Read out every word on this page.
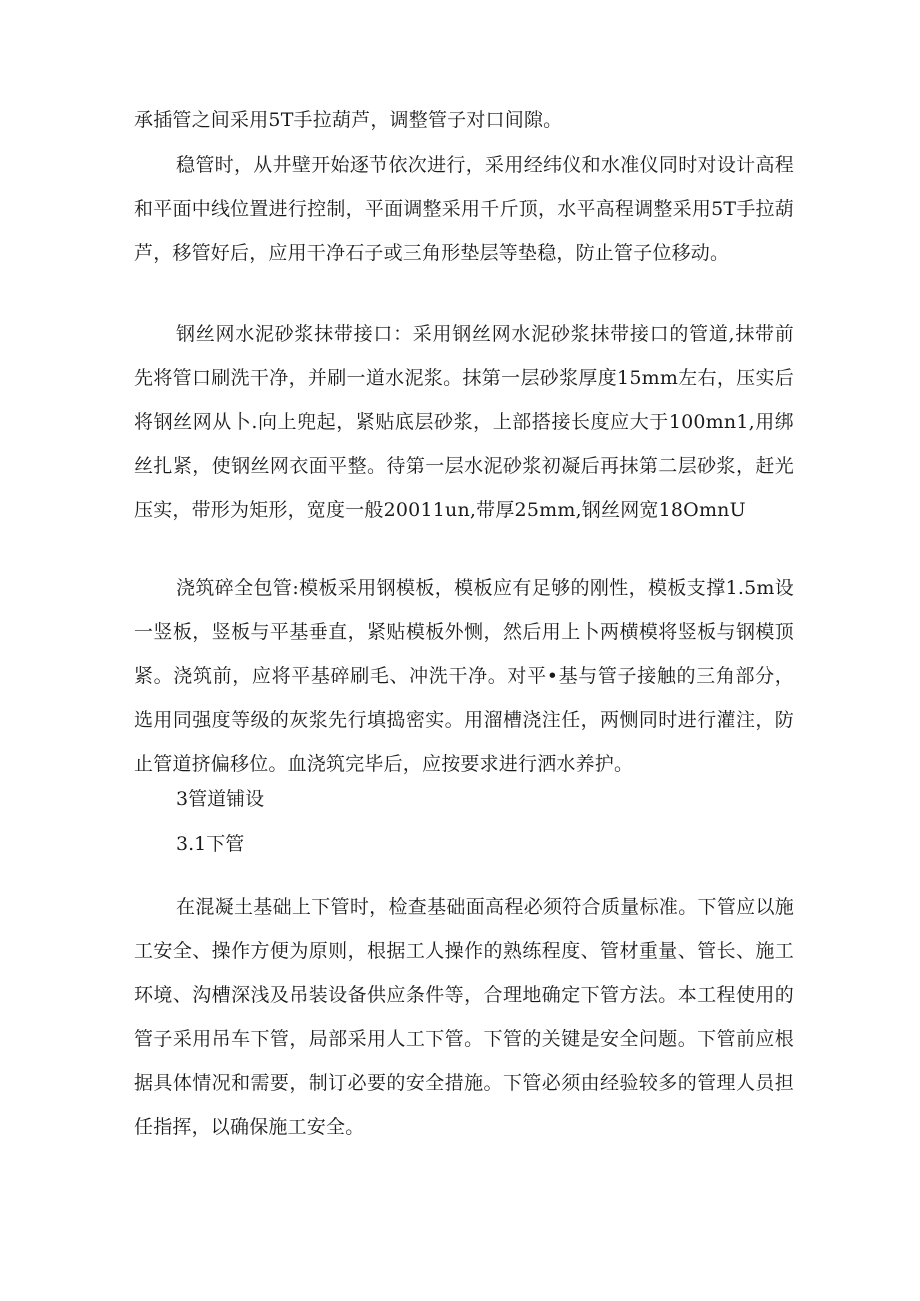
承插管之间采用5T手拉葫芦，调整管子对口间隙。

稳管时，从井壁开始逐节依次进行，采用经纬仪和水准仪同时对设计高程和平面中线位置进行控制，平面调整采用千斤顶，水平高程调整采用5T手拉葫芦，移管好后，应用干净石子或三角形垫层等垫稳，防止管子位移动。

钢丝网水泥砂浆抹带接口：采用钢丝网水泥砂浆抹带接口的管道,抹带前先将管口刷洗干净，并刷一道水泥浆。抹第一层砂浆厚度15mm左右，压实后将钢丝网从卜.向上兜起，紧贴底层砂浆，上部搭接长度应大于100mn1,用绑丝扎紧，使钢丝网衣面平整。待第一层水泥砂浆初凝后再抹第二层砂浆，赶光压实，带形为矩形，宽度一般20011un,带厚25mm,钢丝网宽18OmnU

浇筑碎全包管:模板采用钢模板，模板应有足够的刚性，模板支撑1.5m设一竖板，竖板与平基垂直，紧贴模板外恻，然后用上卜两横模将竖板与钢模顶紧。浇筑前，应将平基碎刷毛、冲洗干净。对平•基与管子接触的三角部分，选用同强度等级的灰浆先行填捣密实。用溜槽浇注任，两恻同时进行灌注，防止管道挤偏移位。血浇筑完毕后，应按要求进行洒水养护。

3管道铺设

3.1下管

在混凝土基础上下管时，检查基础面高程必须符合质量标准。下管应以施工安全、操作方便为原则，根据工人操作的熟练程度、管材重量、管长、施工环境、沟槽深浅及吊装设备供应条件等，合理地确定下管方法。本工程使用的管子采用吊车下管，局部采用人工下管。下管的关键是安全问题。下管前应根据具体情况和需要，制订必要的安全措施。下管必须由经验较多的管理人员担任指挥，以确保施工安全。
